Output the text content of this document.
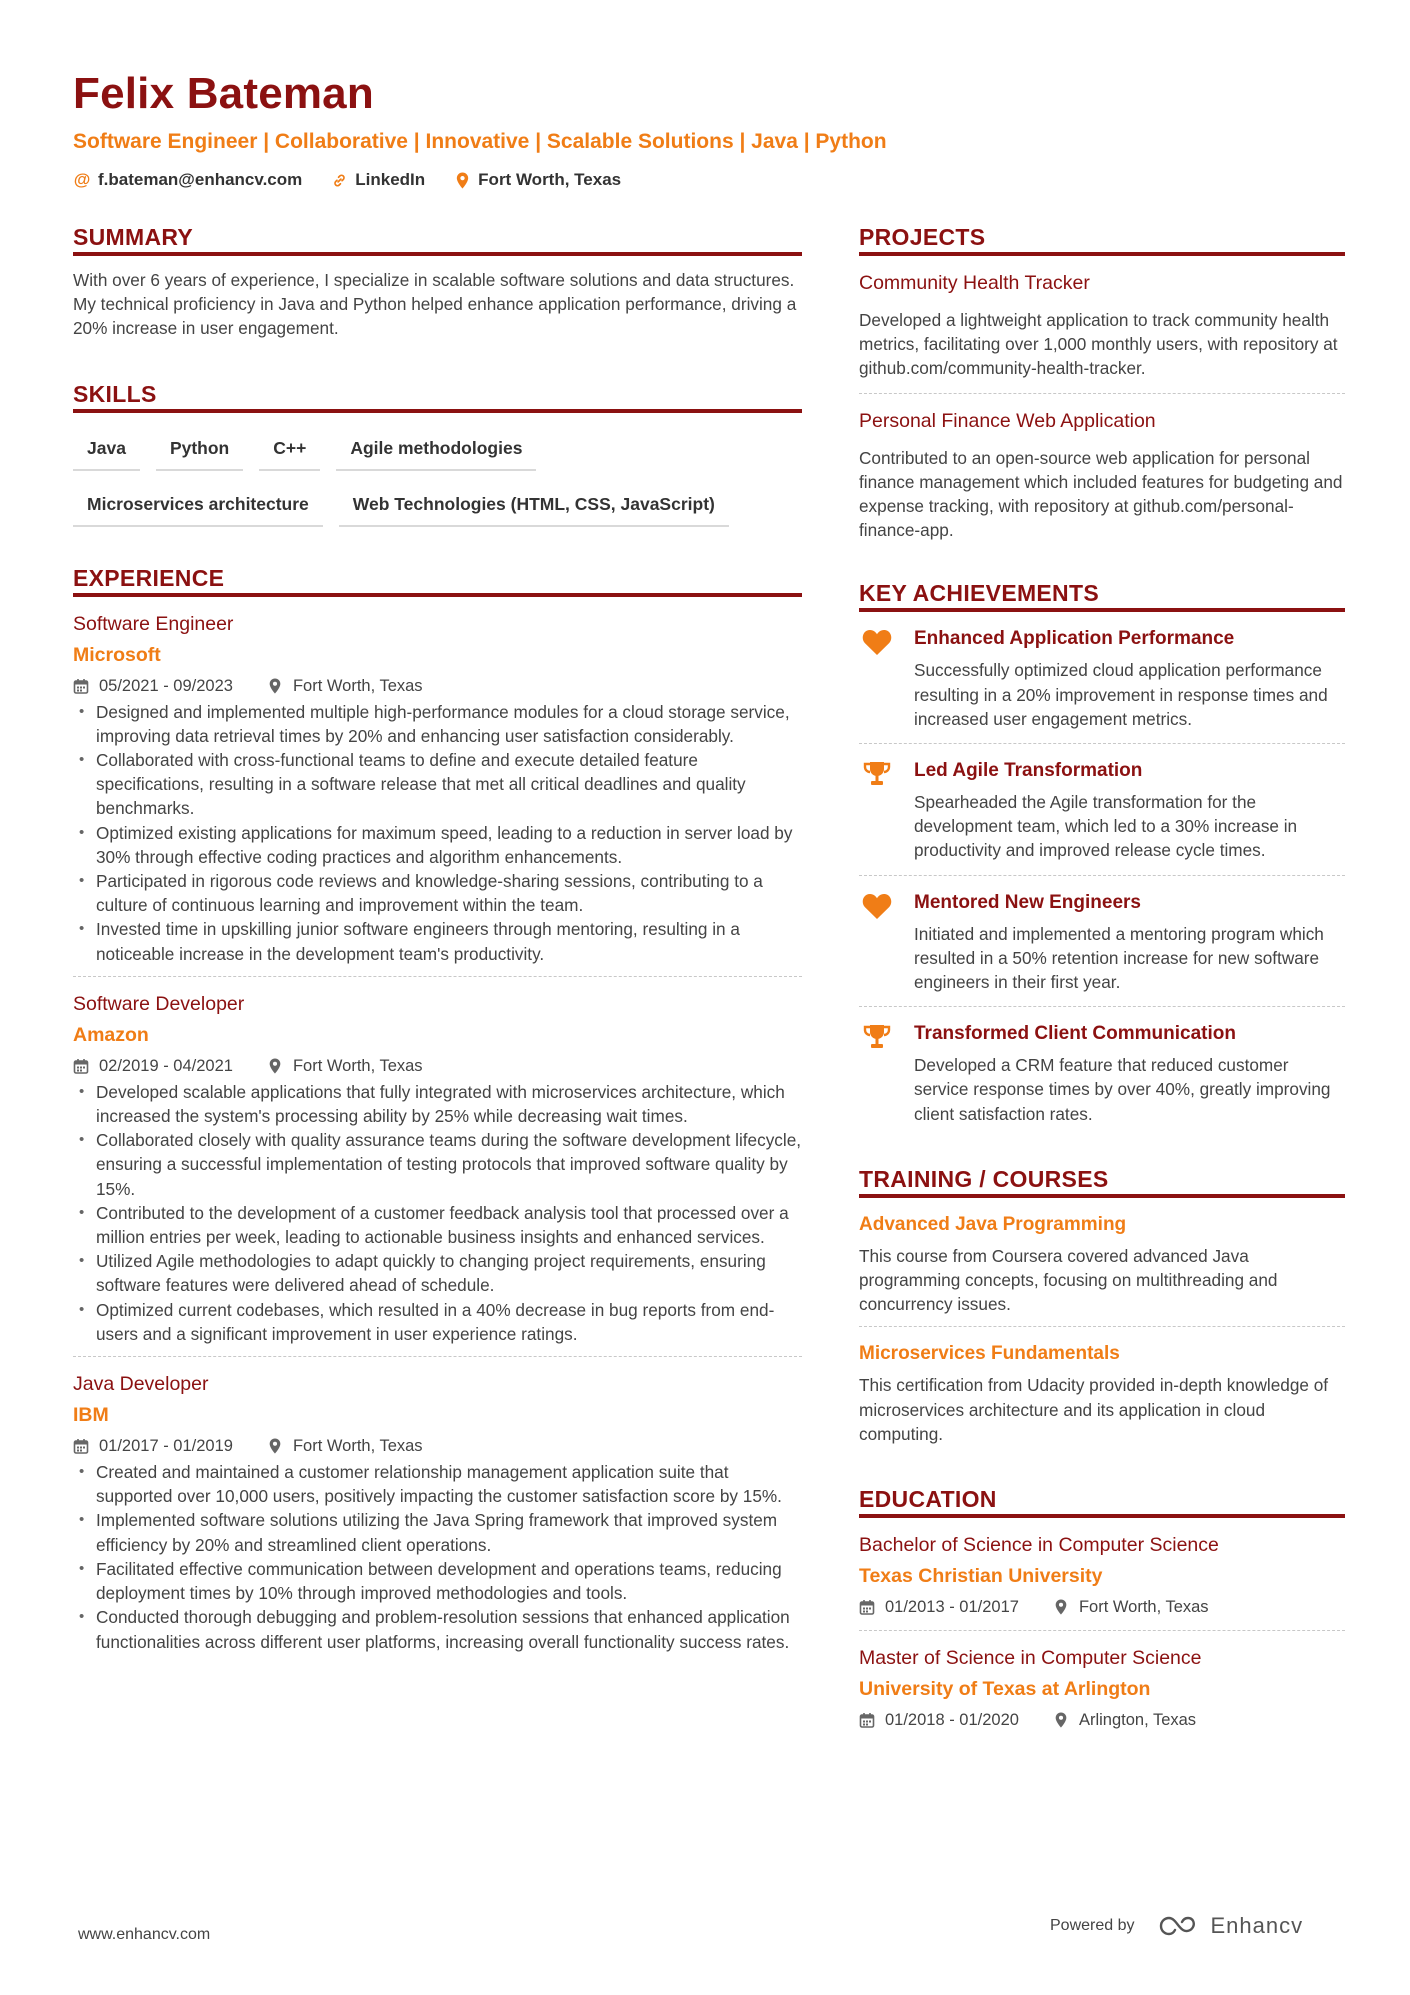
Felix Bateman
Software Engineer | Collaborative | Innovative | Scalable Solutions | Java | Python
@ f.bateman@enhancv.com	LinkedIn	Fort Worth, Texas
SUMMARY
With over 6 years of experience, I specialize in scalable software solutions and data structures. My technical proficiency in Java and Python helped enhance application performance, driving a 20% increase in user engagement.
SKILLS
Java	Python	C++	Agile methodologies
Microservices architecture	Web Technologies (HTML, CSS, JavaScript)
EXPERIENCE
Software Engineer
Microsoft
05/2021 - 09/2023	Fort Worth, Texas
• Designed and implemented multiple high-performance modules for a cloud storage service, improving data retrieval times by 20% and enhancing user satisfaction considerably.
• Collaborated with cross-functional teams to define and execute detailed feature specifications, resulting in a software release that met all critical deadlines and quality benchmarks.
• Optimized existing applications for maximum speed, leading to a reduction in server load by 30% through effective coding practices and algorithm enhancements.
• Participated in rigorous code reviews and knowledge-sharing sessions, contributing to a culture of continuous learning and improvement within the team.
• Invested time in upskilling junior software engineers through mentoring, resulting in a noticeable increase in the development team's productivity.
Software Developer
Amazon
02/2019 - 04/2021	Fort Worth, Texas
• Developed scalable applications that fully integrated with microservices architecture, which increased the system's processing ability by 25% while decreasing wait times.
• Collaborated closely with quality assurance teams during the software development lifecycle, ensuring a successful implementation of testing protocols that improved software quality by 15%.
• Contributed to the development of a customer feedback analysis tool that processed over a million entries per week, leading to actionable business insights and enhanced services.
• Utilized Agile methodologies to adapt quickly to changing project requirements, ensuring software features were delivered ahead of schedule.
• Optimized current codebases, which resulted in a 40% decrease in bug reports from end-users and a significant improvement in user experience ratings.
Java Developer
IBM
01/2017 - 01/2019	Fort Worth, Texas
• Created and maintained a customer relationship management application suite that supported over 10,000 users, positively impacting the customer satisfaction score by 15%.
• Implemented software solutions utilizing the Java Spring framework that improved system efficiency by 20% and streamlined client operations.
• Facilitated effective communication between development and operations teams, reducing deployment times by 10% through improved methodologies and tools.
• Conducted thorough debugging and problem-resolution sessions that enhanced application functionalities across different user platforms, increasing overall functionality success rates.
PROJECTS
Community Health Tracker
Developed a lightweight application to track community health metrics, facilitating over 1,000 monthly users, with repository at github.com/community-health-tracker.
Personal Finance Web Application
Contributed to an open-source web application for personal finance management which included features for budgeting and expense tracking, with repository at github.com/personal-finance-app.
KEY ACHIEVEMENTS
Enhanced Application Performance
Successfully optimized cloud application performance resulting in a 20% improvement in response times and increased user engagement metrics.
Led Agile Transformation
Spearheaded the Agile transformation for the development team, which led to a 30% increase in productivity and improved release cycle times.
Mentored New Engineers
Initiated and implemented a mentoring program which resulted in a 50% retention increase for new software engineers in their first year.
Transformed Client Communication
Developed a CRM feature that reduced customer service response times by over 40%, greatly improving client satisfaction rates.
TRAINING / COURSES
Advanced Java Programming
This course from Coursera covered advanced Java programming concepts, focusing on multithreading and concurrency issues.
Microservices Fundamentals
This certification from Udacity provided in-depth knowledge of microservices architecture and its application in cloud computing.
EDUCATION
Bachelor of Science in Computer Science
Texas Christian University
01/2013 - 01/2017	Fort Worth, Texas
Master of Science in Computer Science
University of Texas at Arlington
01/2018 - 01/2020	Arlington, Texas
www.enhancv.com
Powered by	Enhancv
